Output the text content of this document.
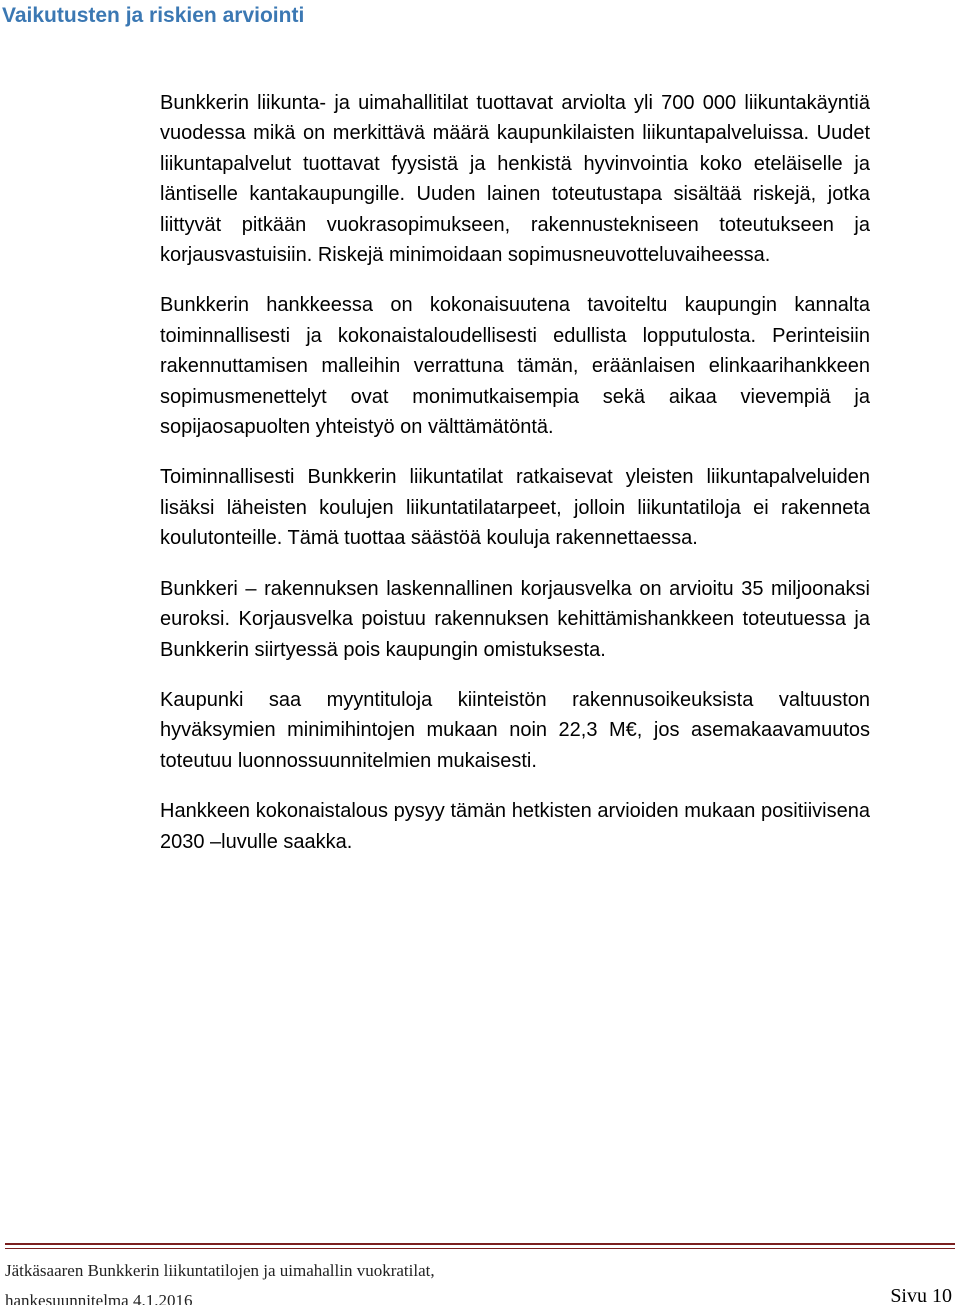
Vaikutusten ja riskien arviointi

Bunkkerin liikunta- ja uimahallitilat tuottavat arviolta yli 700 000 liikuntakäyntiä vuodessa mikä on merkittävä määrä kaupunkilaisten liikuntapalveluissa. Uudet liikuntapalvelut tuottavat fyysistä ja henkistä hyvinvointia koko eteläiselle ja läntiselle kantakaupungille. Uuden lainen toteutustapa sisältää riskejä, jotka liittyvät pitkään vuokrasopimukseen, rakennustekniseen toteutukseen ja korjausvastuisiin. Riskejä minimoidaan sopimusneuvotteluvaiheessa.

Bunkkerin hankkeessa on kokonaisuutena tavoiteltu kaupungin kannalta toiminnallisesti ja kokonaistaloudellisesti edullista lopputulosta. Perinteisiin rakennuttamisen malleihin verrattuna tämän, eräänlaisen elinkaarihankkeen sopimusmenettelyt ovat monimutkaisempia sekä aikaa vievempiä ja sopijaosapuolten yhteistyö on välttämätöntä.

Toiminnallisesti Bunkkerin liikuntatilat ratkaisevat yleisten liikuntapalveluiden lisäksi läheisten koulujen liikuntatilatarpeet, jolloin liikuntatiloja ei rakenneta koulutonteille. Tämä tuottaa säästöä kouluja rakennettaessa.

Bunkkeri – rakennuksen laskennallinen korjausvelka on arvioitu 35 miljoonaksi euroksi. Korjausvelka poistuu rakennuksen kehittämishankkeen toteutuessa ja Bunkkerin siirtyessä pois kaupungin omistuksesta.

Kaupunki saa myyntituloja kiinteistön rakennusoikeuksista valtuuston hyväksymien minimihintojen mukaan noin 22,3 M€, jos asemakaavamuutos toteutuu luonnossuunnitelmien mukaisesti.

Hankkeen kokonaistalous pysyy tämän hetkisten arvioiden mukaan positiivisena 2030 –luvulle saakka.

Jätkäsaaren Bunkkerin liikuntatilojen ja uimahallin vuokratilat,
hankesuunnitelma 4.1.2016	Sivu 10
